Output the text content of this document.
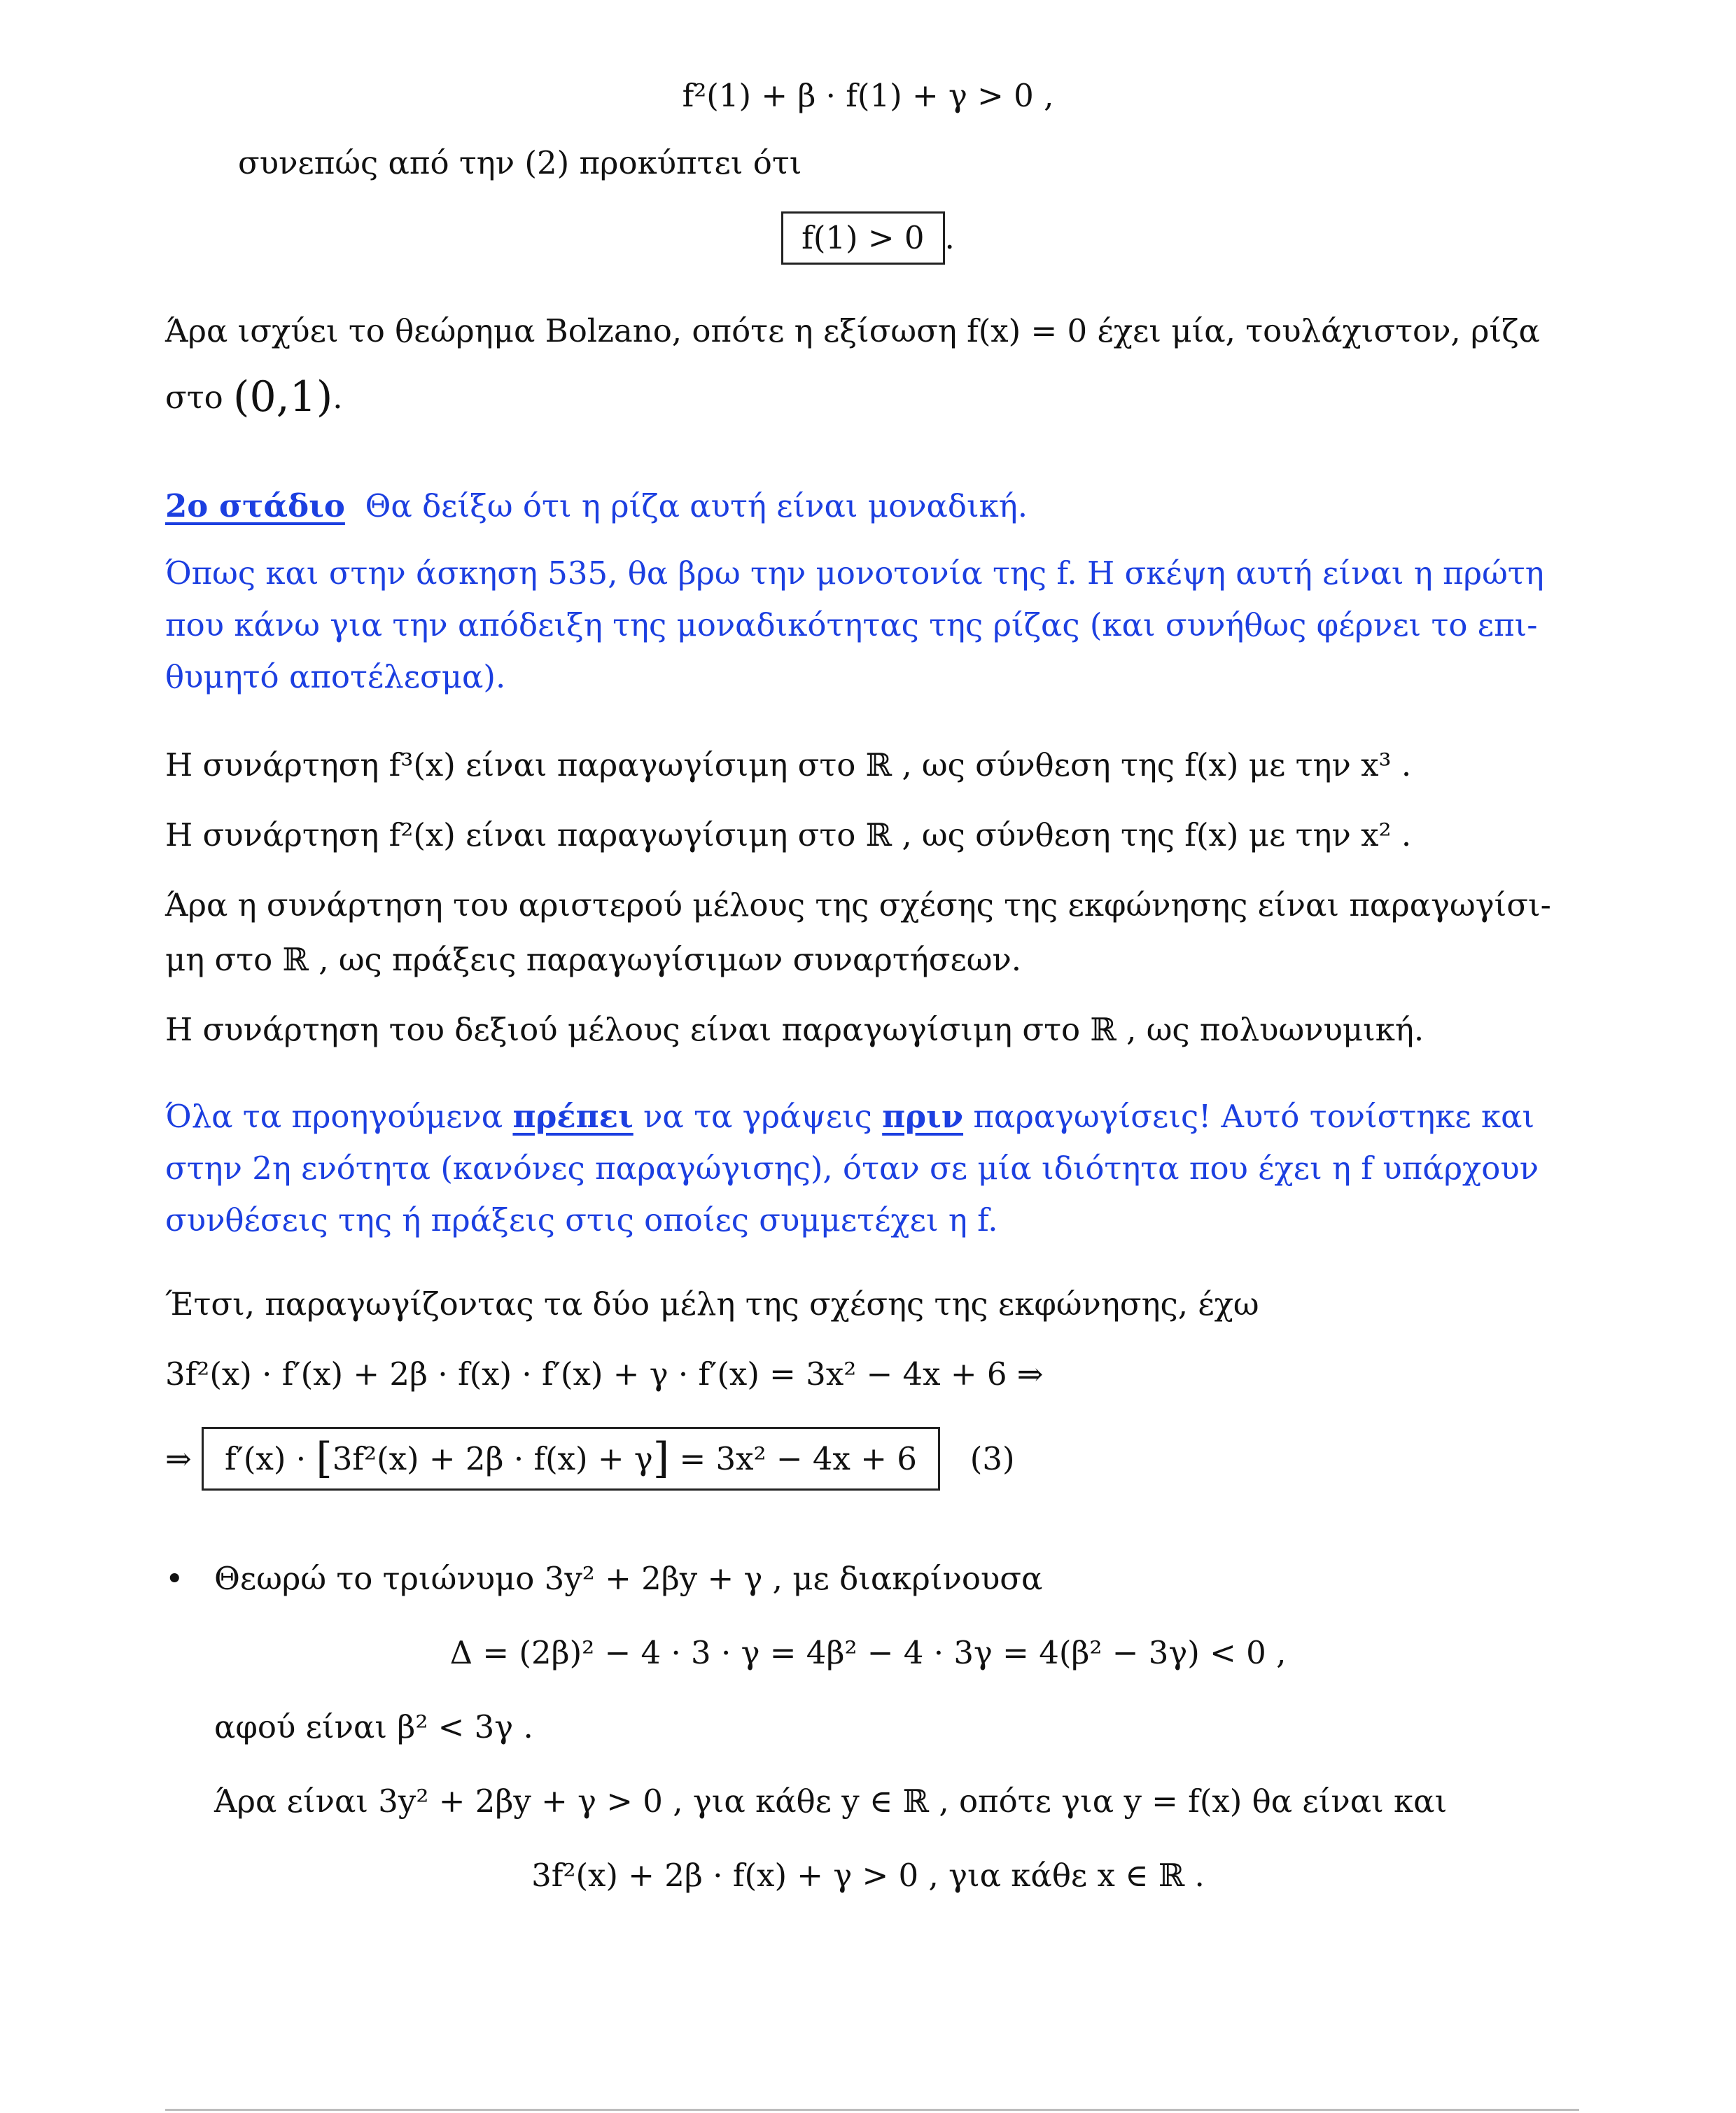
f²(1) + β · f(1) + γ > 0 ,
συνεπώς από την (2) προκύπτει ότι
f(1) > 0 .
Άρα ισχύει το θεώρημα Bolzano, οπότε η εξίσωση f(x) = 0 έχει μία, τουλάχιστον, ρίζα
στο (0,1).
2ο στάδιο Θα δείξω ότι η ρίζα αυτή είναι μοναδική.
Όπως και στην άσκηση 535, θα βρω την μονοτονία της f. Η σκέψη αυτή είναι η πρώτη
που κάνω για την απόδειξη της μοναδικότητας της ρίζας (και συνήθως φέρνει το επι-
θυμητό αποτέλεσμα).
Η συνάρτηση f³(x) είναι παραγωγίσιμη στο ℝ , ως σύνθεση της f(x) με την x³ .
Η συνάρτηση f²(x) είναι παραγωγίσιμη στο ℝ , ως σύνθεση της f(x) με την x² .
Άρα η συνάρτηση του αριστερού μέλους της σχέσης της εκφώνησης είναι παραγωγίσι-
μη στο ℝ , ως πράξεις παραγωγίσιμων συναρτήσεων.
Η συνάρτηση του δεξιού μέλους είναι παραγωγίσιμη στο ℝ , ως πολυωνυμική.
Όλα τα προηγούμενα πρέπει να τα γράψεις πριν παραγωγίσεις! Αυτό τονίστηκε και
στην 2η ενότητα (κανόνες παραγώγισης), όταν σε μία ιδιότητα που έχει η f υπάρχουν
συνθέσεις της ή πράξεις στις οποίες συμμετέχει η f.
Έτσι, παραγωγίζοντας τα δύο μέλη της σχέσης της εκφώνησης, έχω
3f²(x) · f′(x) + 2β · f(x) · f′(x) + γ · f′(x) = 3x² − 4x + 6 ⇒
⇒ f′(x) · [3f²(x) + 2β · f(x) + γ] = 3x² − 4x + 6 (3)
• Θεωρώ το τριώνυμο 3y² + 2βy + γ , με διακρίνουσα
Δ = (2β)² − 4 · 3 · γ = 4β² − 4 · 3γ = 4(β² − 3γ) < 0 ,
αφού είναι β² < 3γ .
Άρα είναι 3y² + 2βy + γ > 0 , για κάθε y ∈ ℝ , οπότε για y = f(x) θα είναι και
3f²(x) + 2β · f(x) + γ > 0 , για κάθε x ∈ ℝ .
